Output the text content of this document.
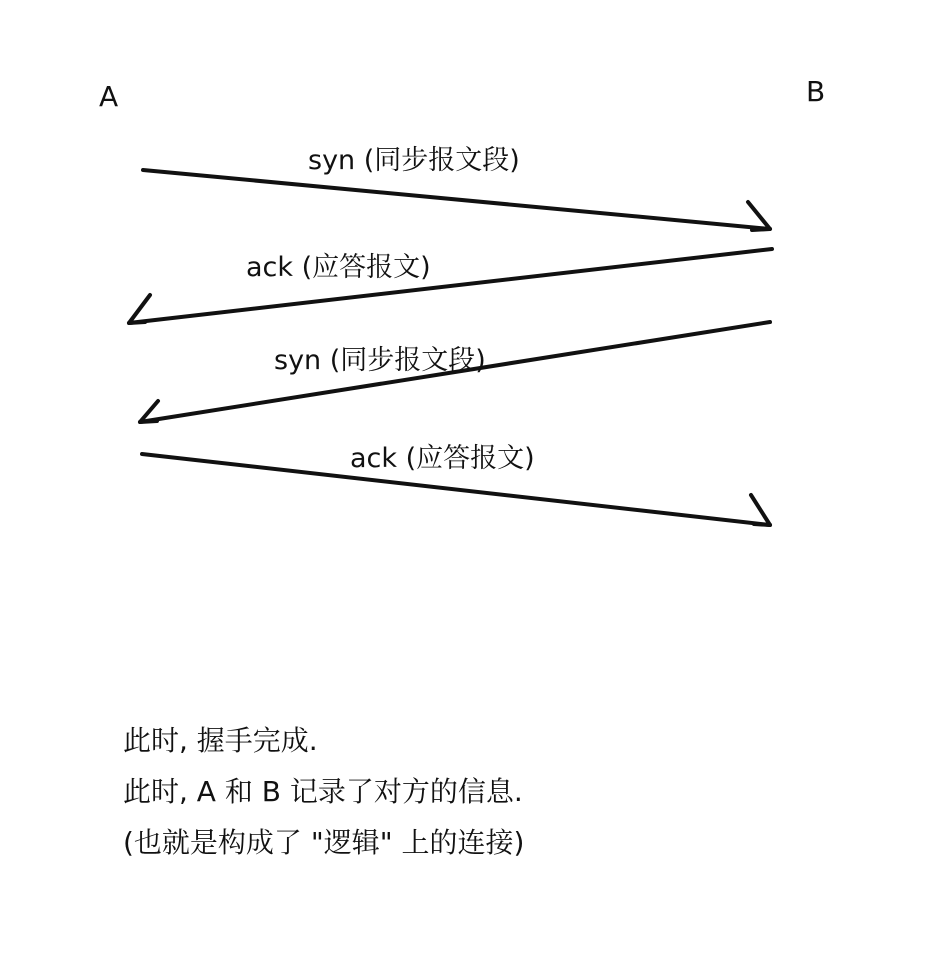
A	B
syn (同步报文段)
ack (应答报文)
syn (同步报文段)
ack (应答报文)
此时, 握手完成.
此时, A 和 B 记录了对方的信息.
(也就是构成了 "逻辑" 上的连接)
